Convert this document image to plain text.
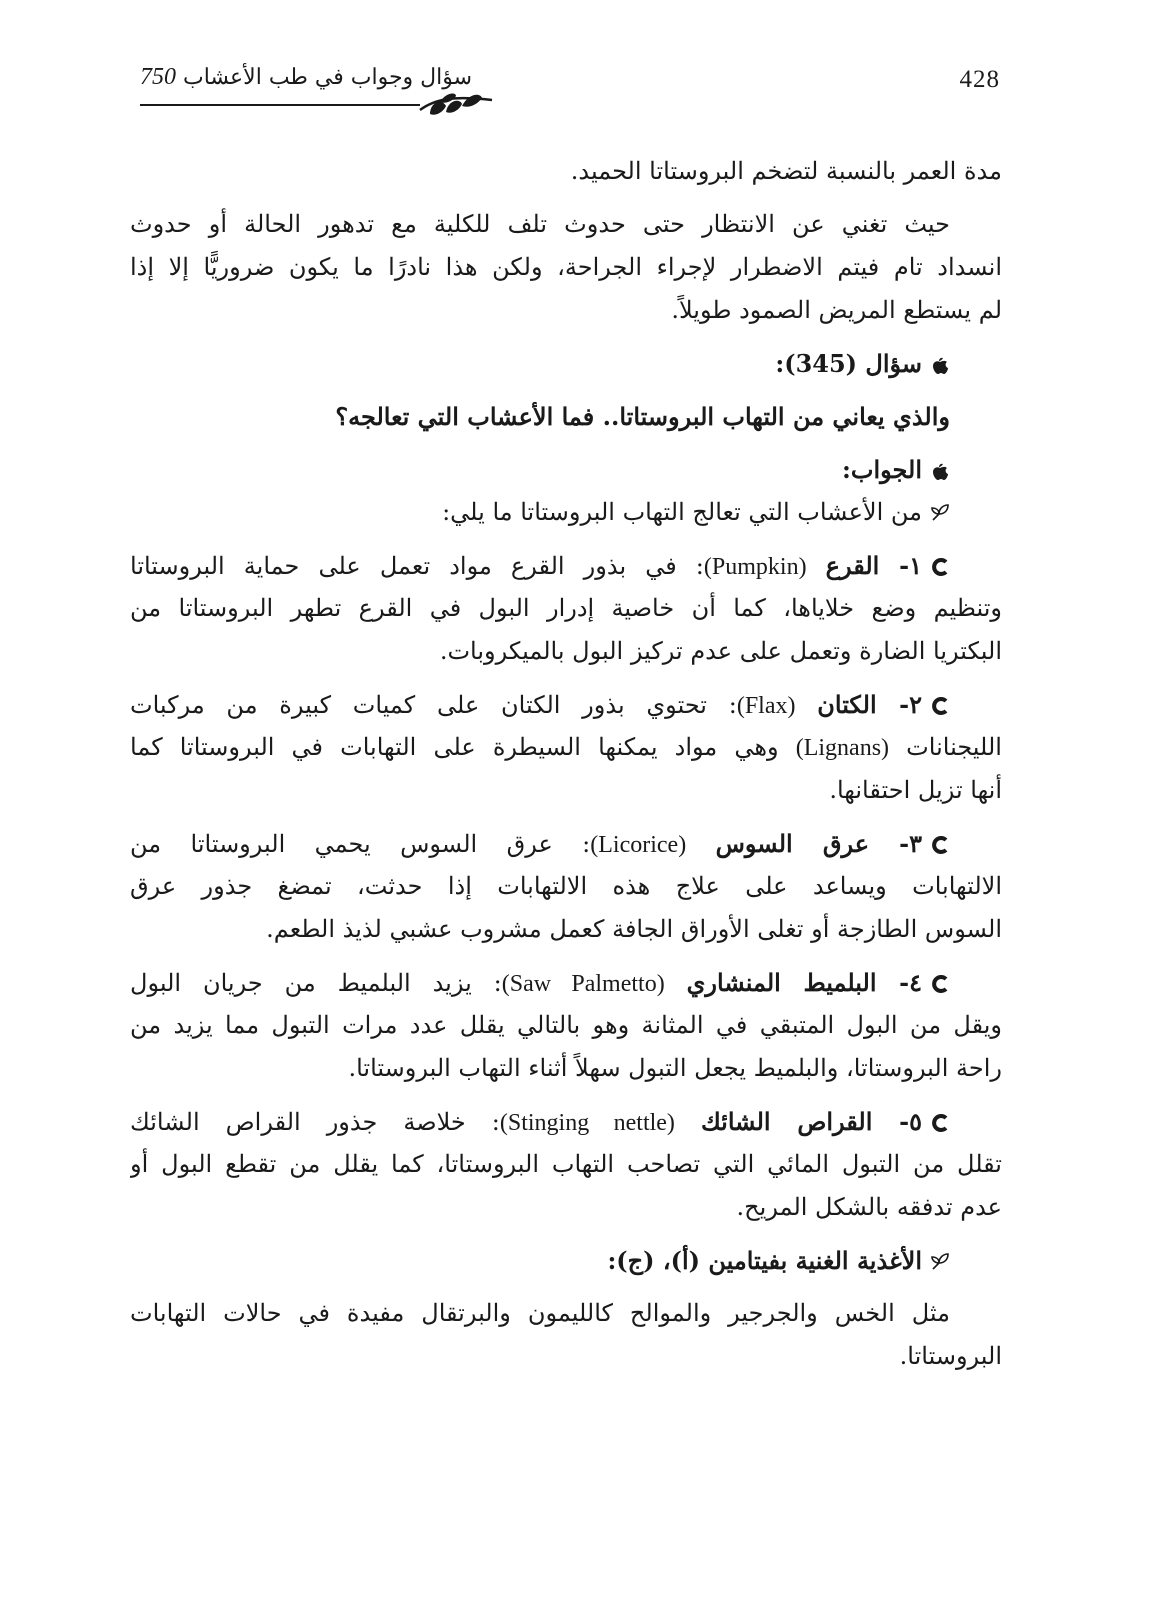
سؤال وجواب في طب الأعشاب 750	428
مدة العمر بالنسبة لتضخم البروستاتا الحميد.
حيث تغني عن الانتظار حتى حدوث تلف للكلية مع تدهور الحالة أو حدوث
انسداد تام فيتم الاضطرار لإجراء الجراحة، ولكن هذا نادرًا ما يكون ضروريًّا إلا إذا
لم يستطع المريض الصمود طويلاً.
سؤال (345):
والذي يعاني من التهاب البروستاتا.. فما الأعشاب التي تعالجه؟
الجواب:
من الأعشاب التي تعالج التهاب البروستاتا ما يلي:
١- القرع (Pumpkin): في بذور القرع مواد تعمل على حماية البروستاتا
وتنظيم وضع خلاياها، كما أن خاصية إدرار البول في القرع تطهر البروستاتا من
البكتريا الضارة وتعمل على عدم تركيز البول بالميكروبات.
٢- الكتان (Flax): تحتوي بذور الكتان على كميات كبيرة من مركبات
الليجنانات (Lignans) وهي مواد يمكنها السيطرة على التهابات في البروستاتا كما
أنها تزيل احتقانها.
٣- عرق السوس (Licorice): عرق السوس يحمي البروستاتا من
الالتهابات ويساعد على علاج هذه الالتهابات إذا حدثت، تمضغ جذور عرق
السوس الطازجة أو تغلى الأوراق الجافة كعمل مشروب عشبي لذيذ الطعم.
٤- البلميط المنشاري (Saw Palmetto): يزيد البلميط من جريان البول
ويقل من البول المتبقي في المثانة وهو بالتالي يقلل عدد مرات التبول مما يزيد من
راحة البروستاتا، والبلميط يجعل التبول سهلاً أثناء التهاب البروستاتا.
٥- القراص الشائك (Stinging nettle): خلاصة جذور القراص الشائك
تقلل من التبول المائي التي تصاحب التهاب البروستاتا، كما يقلل من تقطع البول أو
عدم تدفقه بالشكل المريح.
الأغذية الغنية بفيتامين (أ)، (ج):
مثل الخس والجرجير والموالح كالليمون والبرتقال مفيدة في حالات التهابات
البروستاتا.
